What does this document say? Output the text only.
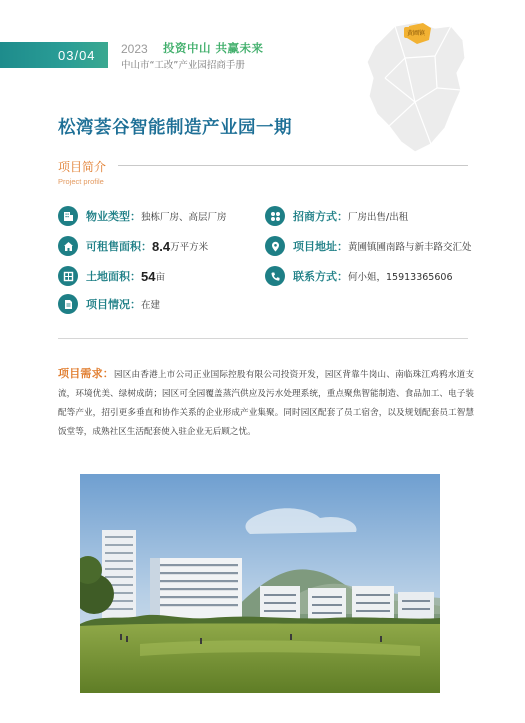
03/04 2023 投资中山 共赢未来
中山市“工改”产业园招商手册
黄圃镇
松湾荟谷智能制造产业园一期
项目简介
Project profile
物业类型： 独栋厂房、高层厂房
可租售面积： 8.4 万平方米
土地面积： 54 亩
项目情况： 在建
招商方式： 厂房出售/出租
项目地址： 黄圃镇圃南路与新丰路交汇处
联系方式： 何小姐，15913365606
项目需求：园区由香港上市公司正业国际控股有限公司投资开发，园区背靠牛岗山、南临珠江鸡鸦水道支流，环境优美、绿树成荫；园区可全园覆盖蒸汽供应及污水处理系统，重点聚焦智能制造、食品加工、电子装配等产业，招引更多垂直和协作关系的企业形成产业集聚。同时园区配套了员工宿舍，以及规划配套员工智慧饭堂等，成熟社区生活配套使入驻企业无后顾之忧。
